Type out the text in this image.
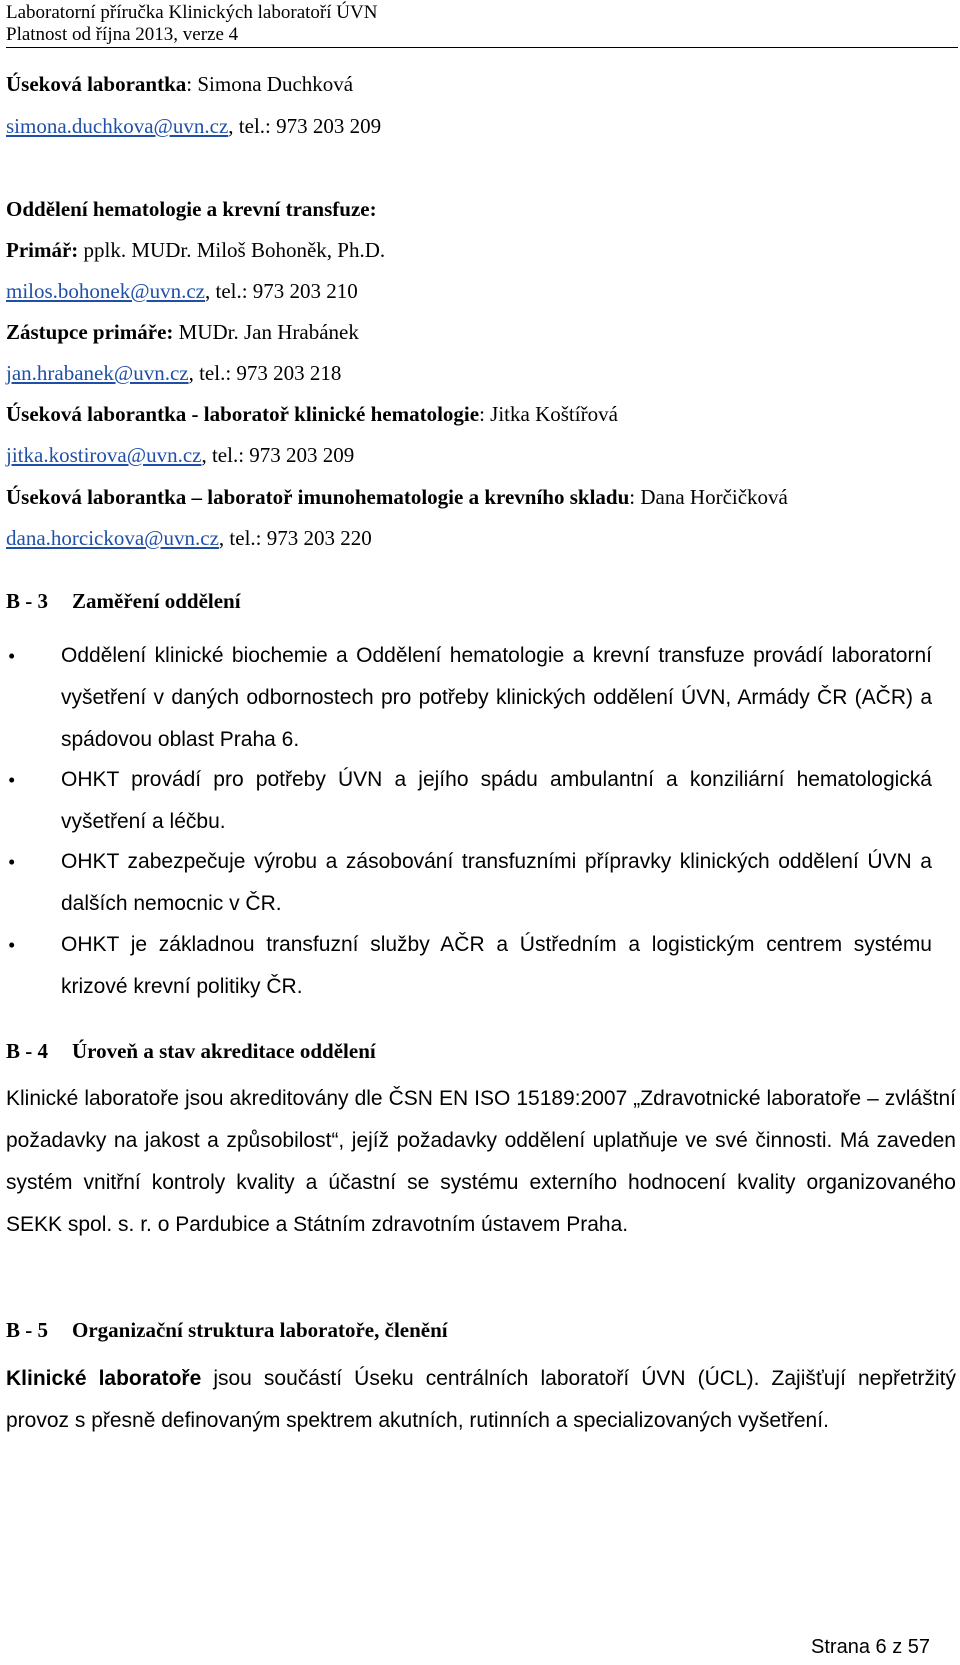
Laboratorní příručka Klinických laboratoří ÚVN
Platnost od října 2013, verze 4
Úseková laborantka: Simona Duchková
simona.duchkova@uvn.cz, tel.: 973 203 209
Oddělení hematologie a krevní transfuze:
Primář: pplk. MUDr. Miloš Bohoněk, Ph.D.
milos.bohonek@uvn.cz, tel.: 973 203 210
Zástupce primáře: MUDr. Jan Hrabánek
jan.hrabanek@uvn.cz, tel.: 973 203 218
Úseková laborantka - laboratoř klinické hematologie: Jitka Koštířová
jitka.kostirova@uvn.cz, tel.: 973 203 209
Úseková laborantka – laboratoř imunohematologie a krevního skladu: Dana Horčičková
dana.horcickova@uvn.cz, tel.: 973 203 220
B - 3 Zaměření oddělení
• Oddělení klinické biochemie a Oddělení hematologie a krevní transfuze provádí laboratorní vyšetření v daných odbornostech pro potřeby klinických oddělení ÚVN, Armády ČR (AČR) a spádovou oblast Praha 6.
• OHKT provádí pro potřeby ÚVN a jejího spádu ambulantní a konziliární hematologická vyšetření a léčbu.
• OHKT zabezpečuje výrobu a zásobování transfuzními přípravky klinických oddělení ÚVN a dalších nemocnic v ČR.
• OHKT je základnou transfuzní služby AČR a Ústředním a logistickým centrem systému krizové krevní politiky ČR.
B - 4 Úroveň a stav akreditace oddělení
Klinické laboratoře jsou akreditovány dle ČSN EN ISO 15189:2007 „Zdravotnické laboratoře – zvláštní požadavky na jakost a způsobilost“, jejíž požadavky oddělení uplatňuje ve své činnosti. Má zaveden systém vnitřní kontroly kvality a účastní se systému externího hodnocení kvality organizovaného SEKK spol. s. r. o Pardubice a Státním zdravotním ústavem Praha.
B - 5 Organizační struktura laboratoře, členění
Klinické laboratoře jsou součástí Úseku centrálních laboratoří ÚVN (ÚCL). Zajišťují nepřetržitý provoz s přesně definovaným spektrem akutních, rutinních a specializovaných vyšetření.
Strana 6 z 57
